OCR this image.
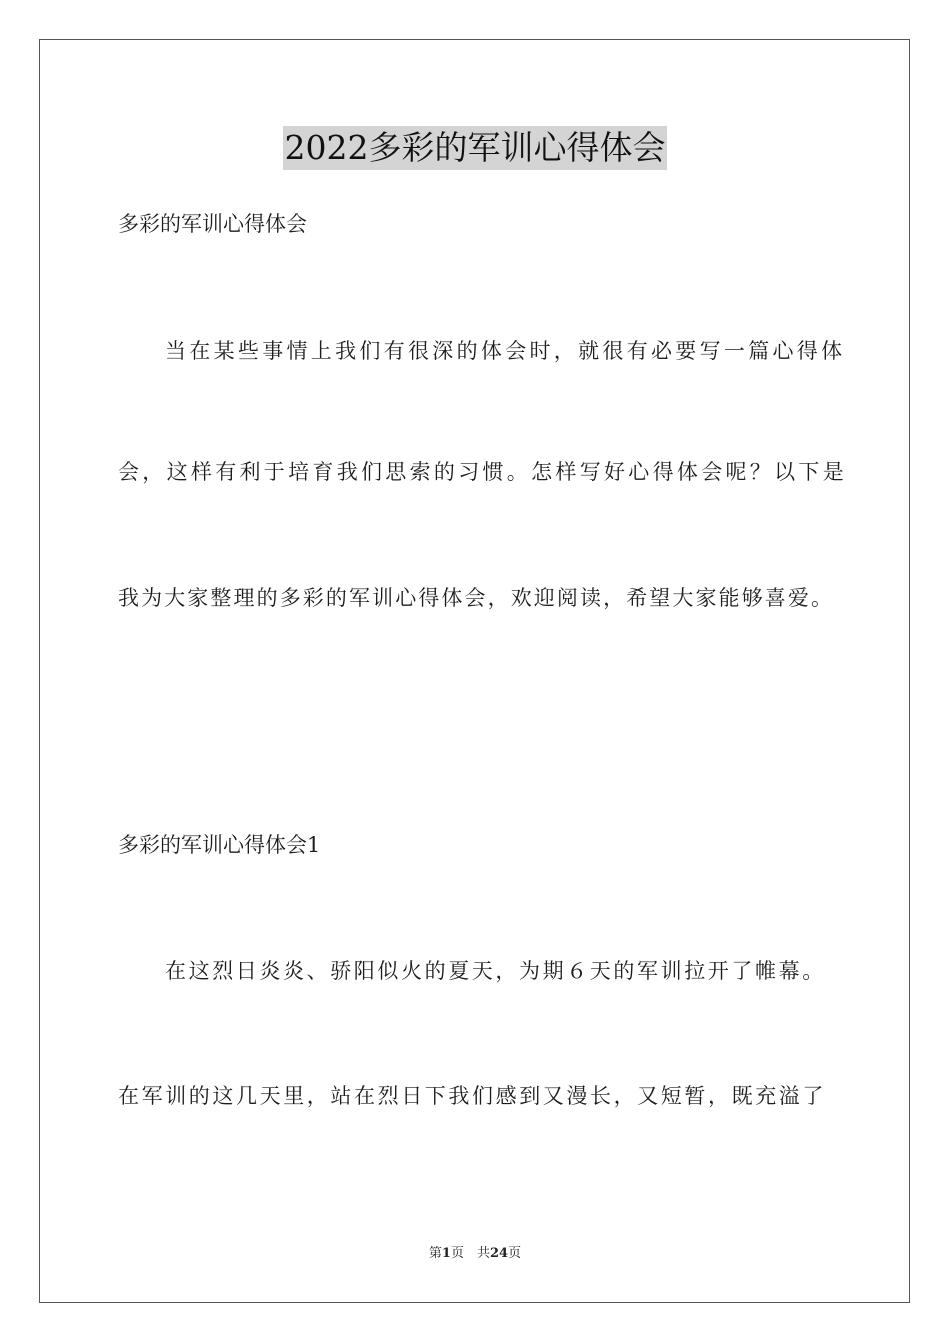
2022多彩的军训心得体会
多彩的军训心得体会
当在某些事情上我们有很深的体会时，就很有必要写一篇心得体
会，这样有利于培育我们思索的习惯。怎样写好心得体会呢？以下是
我为大家整理的多彩的军训心得体会，欢迎阅读，希望大家能够喜爱。
多彩的军训心得体会1
在这烈日炎炎、骄阳似火的夏天，为期６天的军训拉开了帷幕。
在军训的这几天里，站在烈日下我们感到又漫长，又短暂，既充溢了
第1页　共24页
